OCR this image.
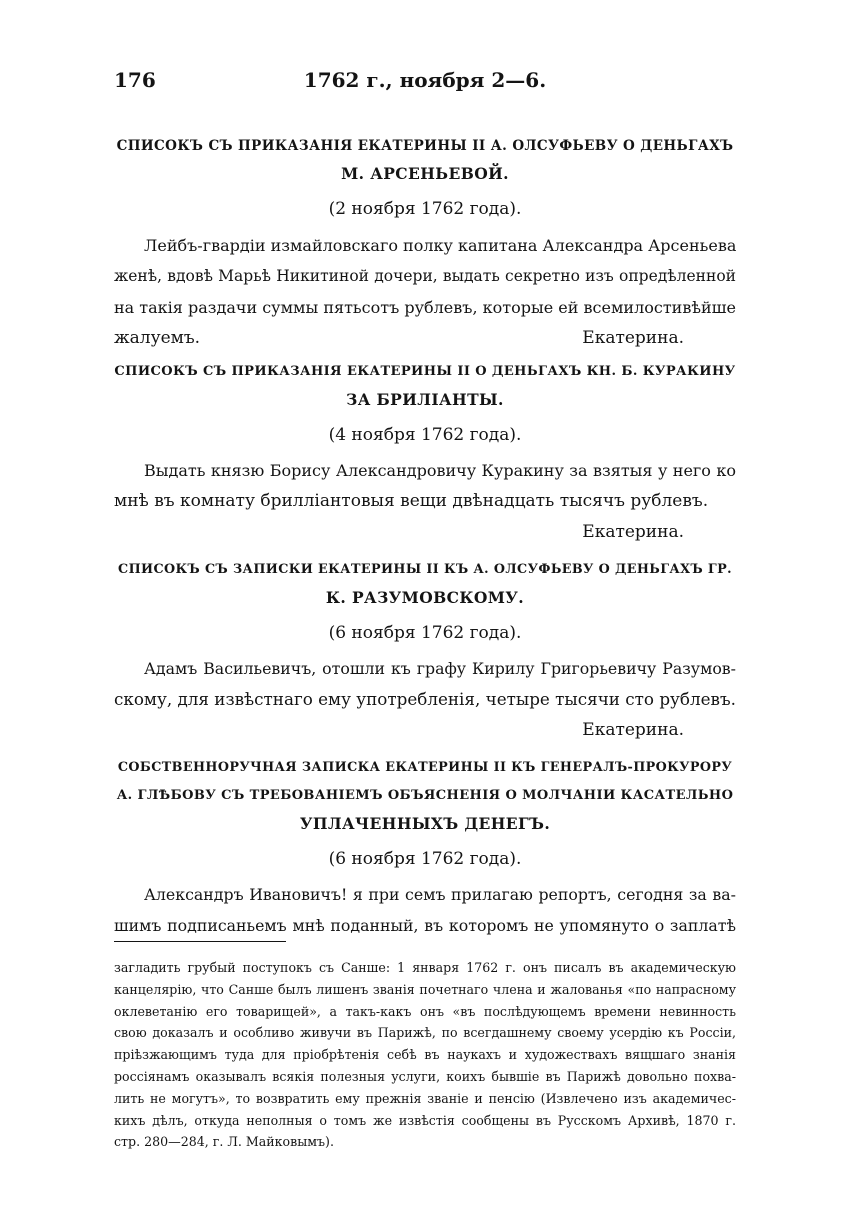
176	1762 г., ноября 2—6.
СПИСОКЪ СЪ ПРИКАЗАНІЯ ЕКАТЕРИНЫ II А. ОЛСУФЬЕВУ О ДЕНЬГАХЪ
М. АРСЕНЬЕВОЙ.
(2 ноября 1762 года).
Лейбъ-гвардіи измайловскаго полку капитана Александра Арсеньева
женѣ, вдовѣ Марьѣ Никитиной дочери, выдать секретно изъ опредѣленной
на такія раздачи суммы пятьсотъ рублевъ, которые ей всемилостивѣйше
жалуемъ.	Екатерина.
СПИСОКЪ СЪ ПРИКАЗАНІЯ ЕКАТЕРИНЫ II О ДЕНЬГАХЪ КН. Б. КУРАКИНУ
ЗА БРИЛІАНТЫ.
(4 ноября 1762 года).
Выдать князю Борису Александровичу Куракину за взятыя у него ко
мнѣ въ комнату брилліантовыя вещи двѣнадцать тысячъ рублевъ.
Екатерина.
СПИСОКЪ СЪ ЗАПИСКИ ЕКАТЕРИНЫ II КЪ А. ОЛСУФЬЕВУ О ДЕНЬГАХЪ ГР.
К. РАЗУМОВСКОМУ.
(6 ноября 1762 года).
Адамъ Васильевичъ, отошли къ графу Кирилу Григорьевичу Разумов-
скому, для извѣстнаго ему употребленія, четыре тысячи сто рублевъ.
Екатерина.
СОБСТВЕННОРУЧНАЯ ЗАПИСКА ЕКАТЕРИНЫ II КЪ ГЕНЕРАЛЪ-ПРОКУРОРУ
А. ГЛѢБОВУ СЪ ТРЕБОВАНІЕМЪ ОБЪЯСНЕНІЯ О МОЛЧАНІИ КАСАТЕЛЬНО
УПЛАЧЕННЫХЪ ДЕНЕГЪ.
(6 ноября 1762 года).
Александръ Ивановичъ! я при семъ прилагаю репортъ, сегодня за ва-
шимъ подписаньемъ мнѣ поданный, въ которомъ не упомянуто о заплатѣ
загладить грубый поступокъ съ Санше: 1 января 1762 г. онъ писалъ въ академическую
канцелярію, что Санше былъ лишенъ званія почетнаго члена и жалованья «по напрасному
оклеветанію его товарищей», а такъ-какъ онъ «въ послѣдующемъ времени невинность
свою доказалъ и особливо живучи въ Парижѣ, по всегдашнему своему усердію къ Россіи,
пріѣзжающимъ туда для пріобрѣтенія себѣ въ наукахъ и художествахъ вящшаго знанія
россіянамъ оказывалъ всякія полезныя услуги, коихъ бывшіе въ Парижѣ довольно похва-
лить не могутъ», то возвратить ему прежнія званіе и пенсію (Извлечено изъ академичес-
кихъ дѣлъ, откуда неполныя о томъ же извѣстія сообщены въ Русскомъ Архивѣ, 1870 г.
стр. 280—284, г. Л. Майковымъ).
